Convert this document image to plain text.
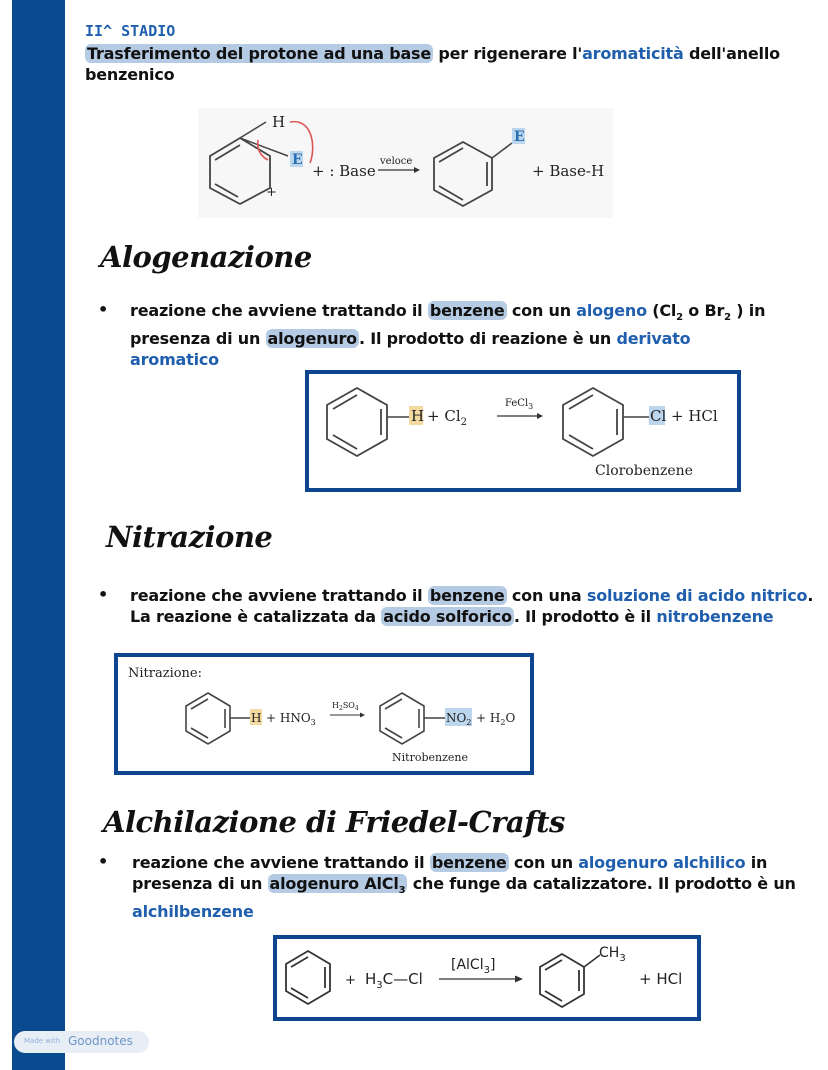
II^ STADIO
Trasferimento del protone ad una base per rigenerare l'aromaticità dell'anello
benzenico
H
E
+
+ : Base
veloce
E
+ Base-H
Alogenazione
• reazione che avviene trattando il benzene con un alogeno ($Cl_2$ o $Br_2$ ) in
presenza di un alogenuro . Il prodotto di reazione è un derivato
aromatico
$H + Cl_2$
FeCl$_3$
Cl + HCl
Clorobenzene
Nitrazione
• reazione che avviene trattando il benzene con una soluzione di acido nitrico.
La reazione è catalizzata da acido solforico . Il prodotto è il nitrobenzene
Nitrazione:
$H + HNO_3$
$H_2SO_4$
$NO_2 + H_2O$
Nitrobenzene
Alchilazione di Friedel-Crafts
• reazione che avviene trattando il benzene con un alogenuro alchilico in
presenza di un alogenuro AlCl$_3$ che funge da catalizzatore. Il prodotto è un
alchilbenzene
+ $H_3C—Cl$
[AlCl$_3$]
$CH_3$
+ HCl
Made with Goodnotes
